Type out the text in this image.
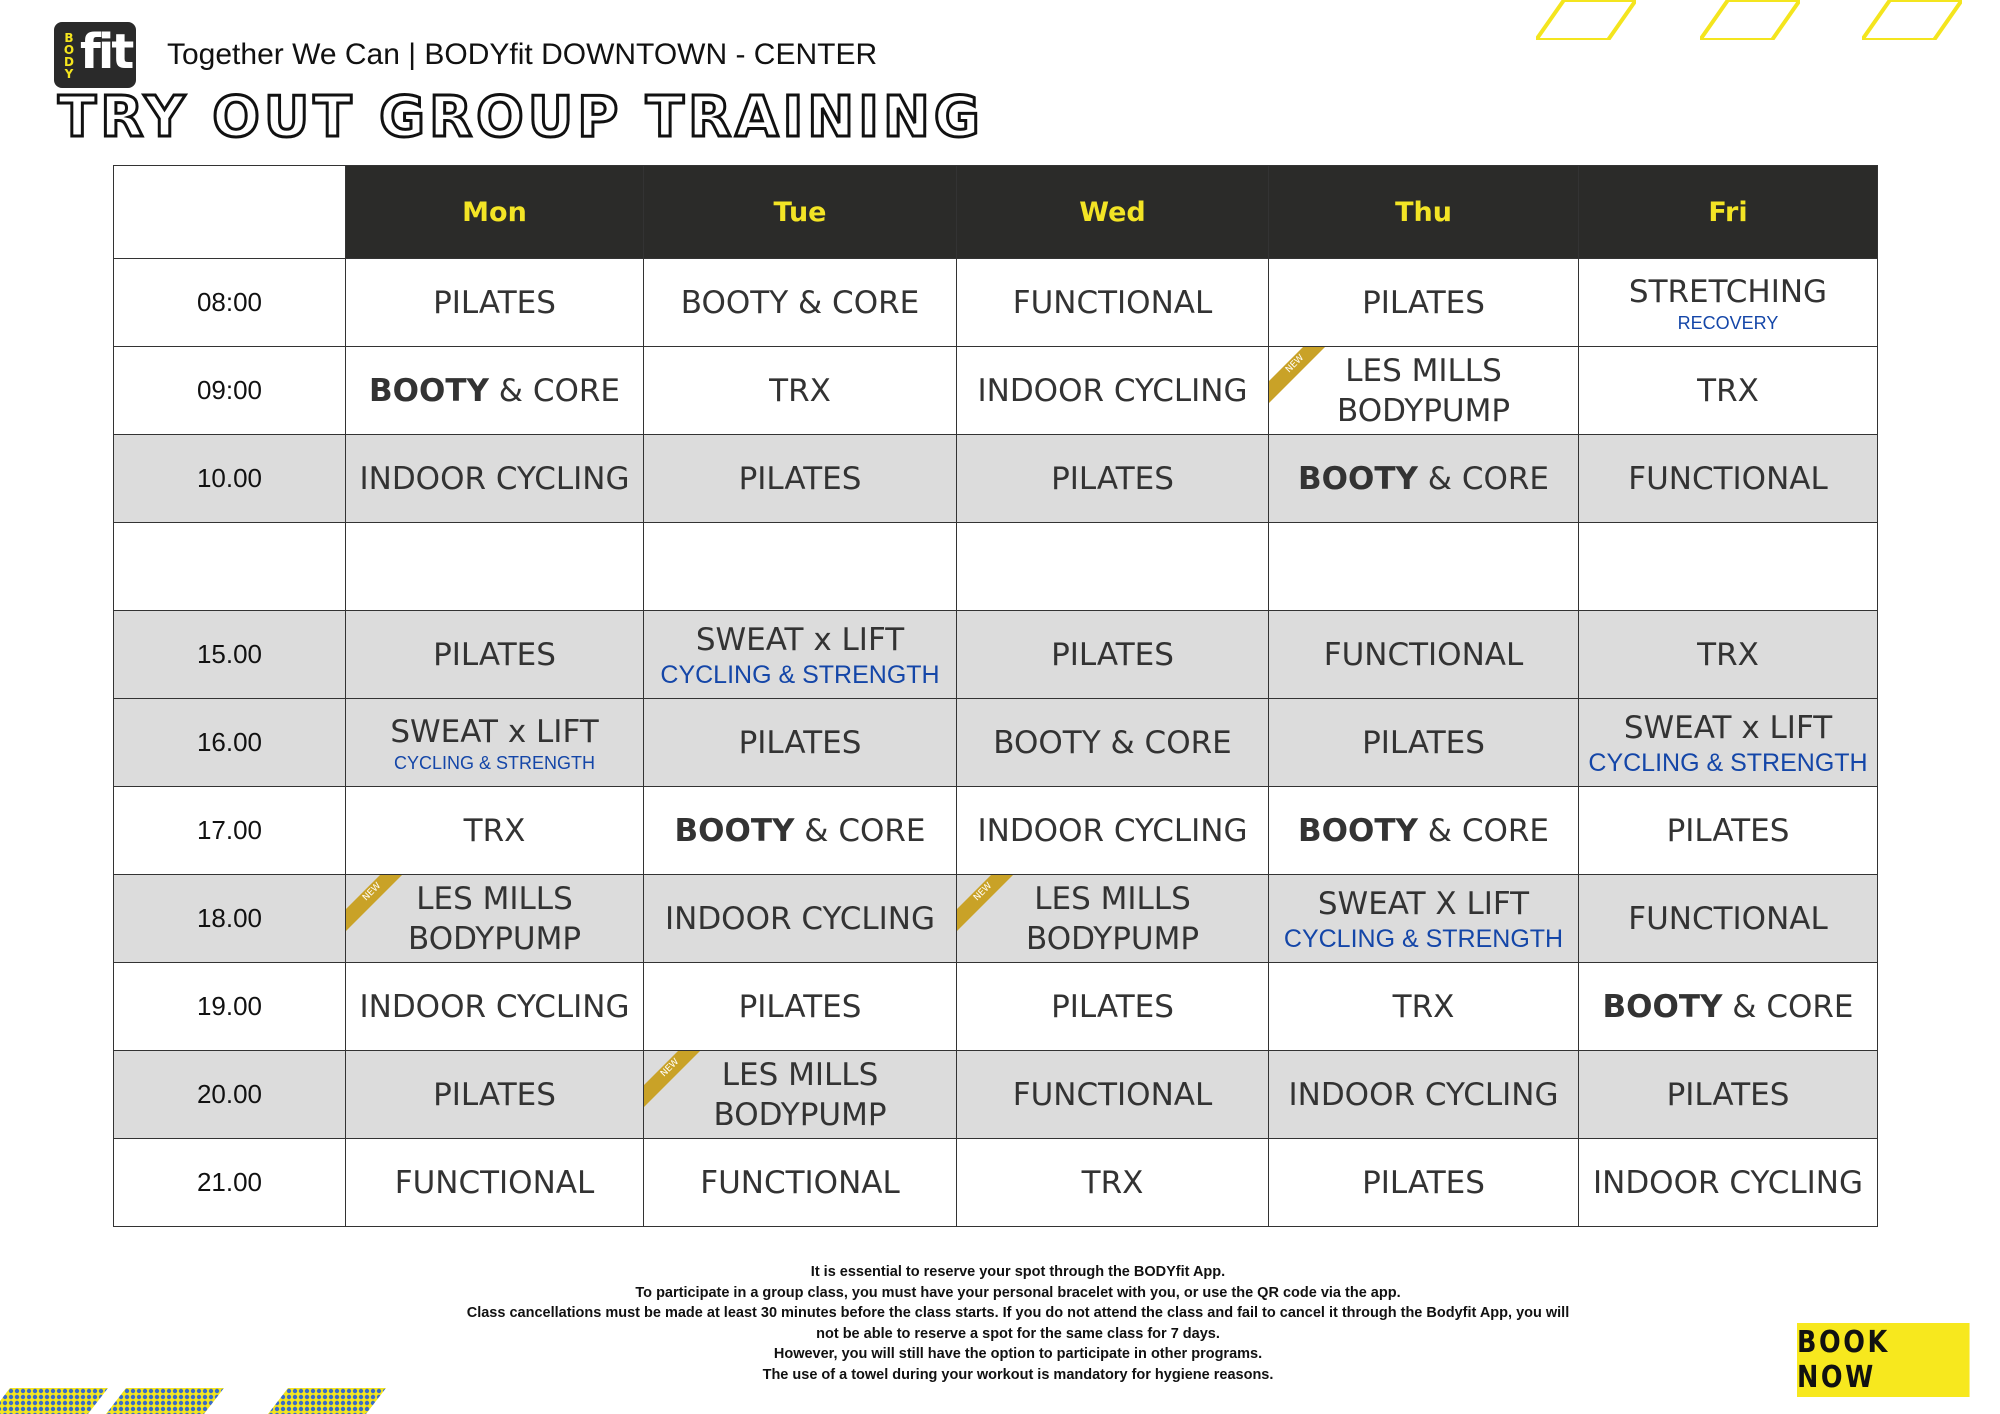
B
O
D
Y fit Together We Can | BODYfit DOWNTOWN - CENTER
TRY OUT GROUP TRAINING
	Mon	Tue	Wed	Thu	Fri
08:00	PILATES	BOOTY & CORE	FUNCTIONAL	PILATES	STRETCHING
RECOVERY

09:00	BOOTY & CORE	TRX	INDOOR CYCLING	NEW LES MILLS
BODYPUMP	TRX

10.00	INDOOR CYCLING	PILATES	PILATES	BOOTY & CORE	FUNCTIONAL

15.00	PILATES	SWEAT x LIFT
CYCLING & STRENGTH	PILATES	FUNCTIONAL	TRX

16.00	SWEAT x LIFT
CYCLING & STRENGTH	PILATES	BOOTY & CORE	PILATES	SWEAT x LIFT
CYCLING & STRENGTH

17.00	TRX	BOOTY & CORE	INDOOR CYCLING	BOOTY & CORE	PILATES

18.00	NEW LES MILLS
BODYPUMP	INDOOR CYCLING	NEW LES MILLS
BODYPUMP	SWEAT X LIFT
CYCLING & STRENGTH	FUNCTIONAL

19.00	INDOOR CYCLING	PILATES	PILATES	TRX	BOOTY & CORE

20.00	PILATES	NEW LES MILLS
BODYPUMP	FUNCTIONAL	INDOOR CYCLING	PILATES

21.00	FUNCTIONAL	FUNCTIONAL	TRX	PILATES	INDOOR CYCLING
It is essential to reserve your spot through the BODYfit App.
To participate in a group class, you must have your personal bracelet with you, or use the QR code via the app.
Class cancellations must be made at least 30 minutes before the class starts. If you do not attend the class and fail to cancel it through the Bodyfit App, you will
not be able to reserve a spot for the same class for 7 days.
However, you will still have the option to participate in other programs.
The use of a towel during your workout is mandatory for hygiene reasons.
BOOK NOW
